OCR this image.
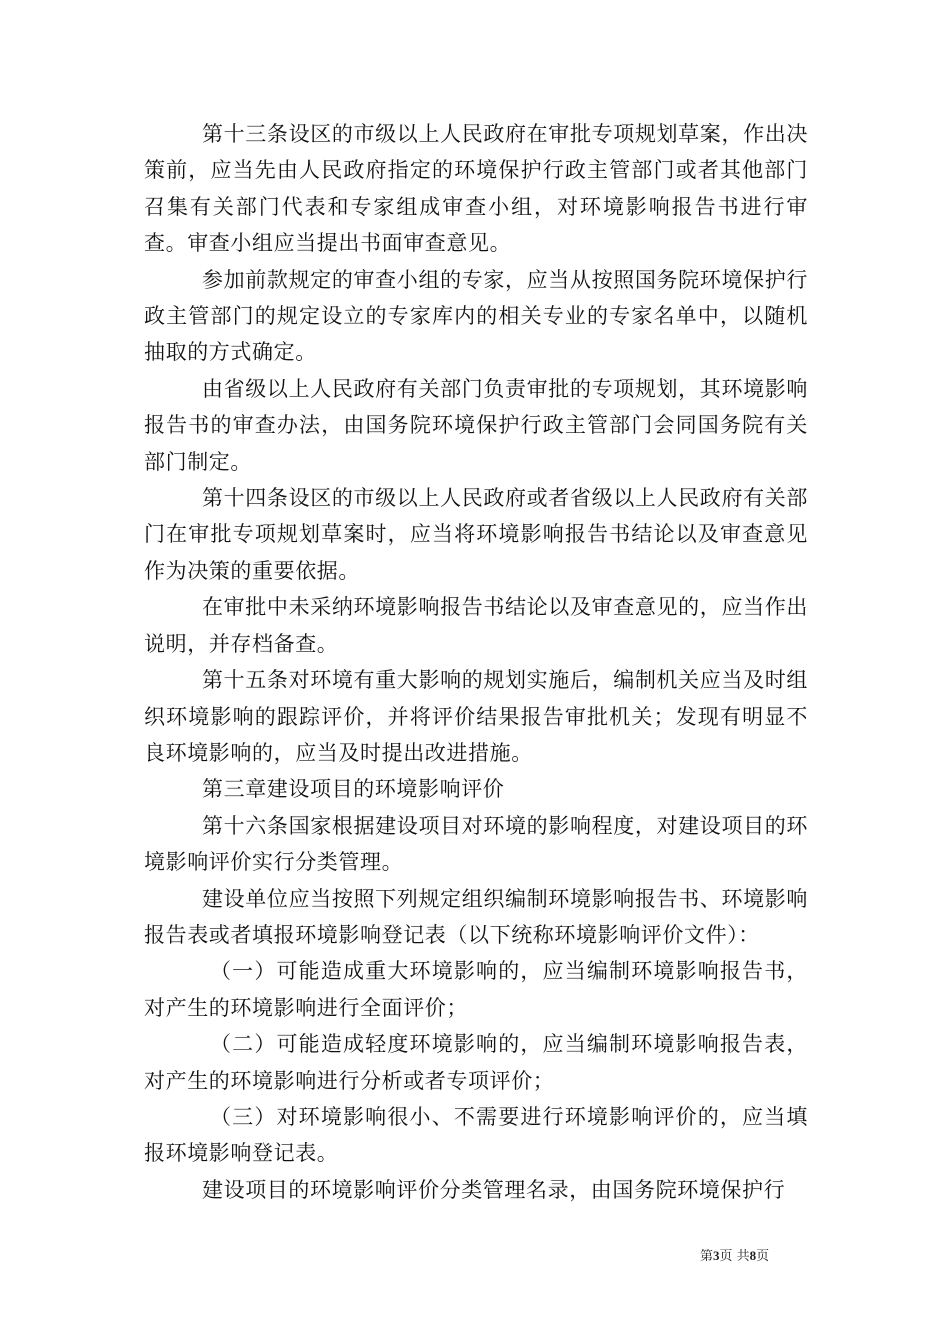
第十三条设区的市级以上人民政府在审批专项规划草案，作出决策前，应当先由人民政府指定的环境保护行政主管部门或者其他部门召集有关部门代表和专家组成审查小组，对环境影响报告书进行审查。审查小组应当提出书面审查意见。

参加前款规定的审查小组的专家，应当从按照国务院环境保护行政主管部门的规定设立的专家库内的相关专业的专家名单中，以随机抽取的方式确定。

由省级以上人民政府有关部门负责审批的专项规划，其环境影响报告书的审查办法，由国务院环境保护行政主管部门会同国务院有关部门制定。

第十四条设区的市级以上人民政府或者省级以上人民政府有关部门在审批专项规划草案时，应当将环境影响报告书结论以及审查意见作为决策的重要依据。

在审批中未采纳环境影响报告书结论以及审查意见的，应当作出说明，并存档备查。

第十五条对环境有重大影响的规划实施后，编制机关应当及时组织环境影响的跟踪评价，并将评价结果报告审批机关；发现有明显不良环境影响的，应当及时提出改进措施。

第三章建设项目的环境影响评价

第十六条国家根据建设项目对环境的影响程度，对建设项目的环境影响评价实行分类管理。

建设单位应当按照下列规定组织编制环境影响报告书、环境影响报告表或者填报环境影响登记表（以下统称环境影响评价文件）：

（一）可能造成重大环境影响的，应当编制环境影响报告书，对产生的环境影响进行全面评价；

（二）可能造成轻度环境影响的，应当编制环境影响报告表，对产生的环境影响进行分析或者专项评价；

（三）对环境影响很小、不需要进行环境影响评价的，应当填报环境影响登记表。

建设项目的环境影响评价分类管理名录，由国务院环境保护行

第3页 共8页
